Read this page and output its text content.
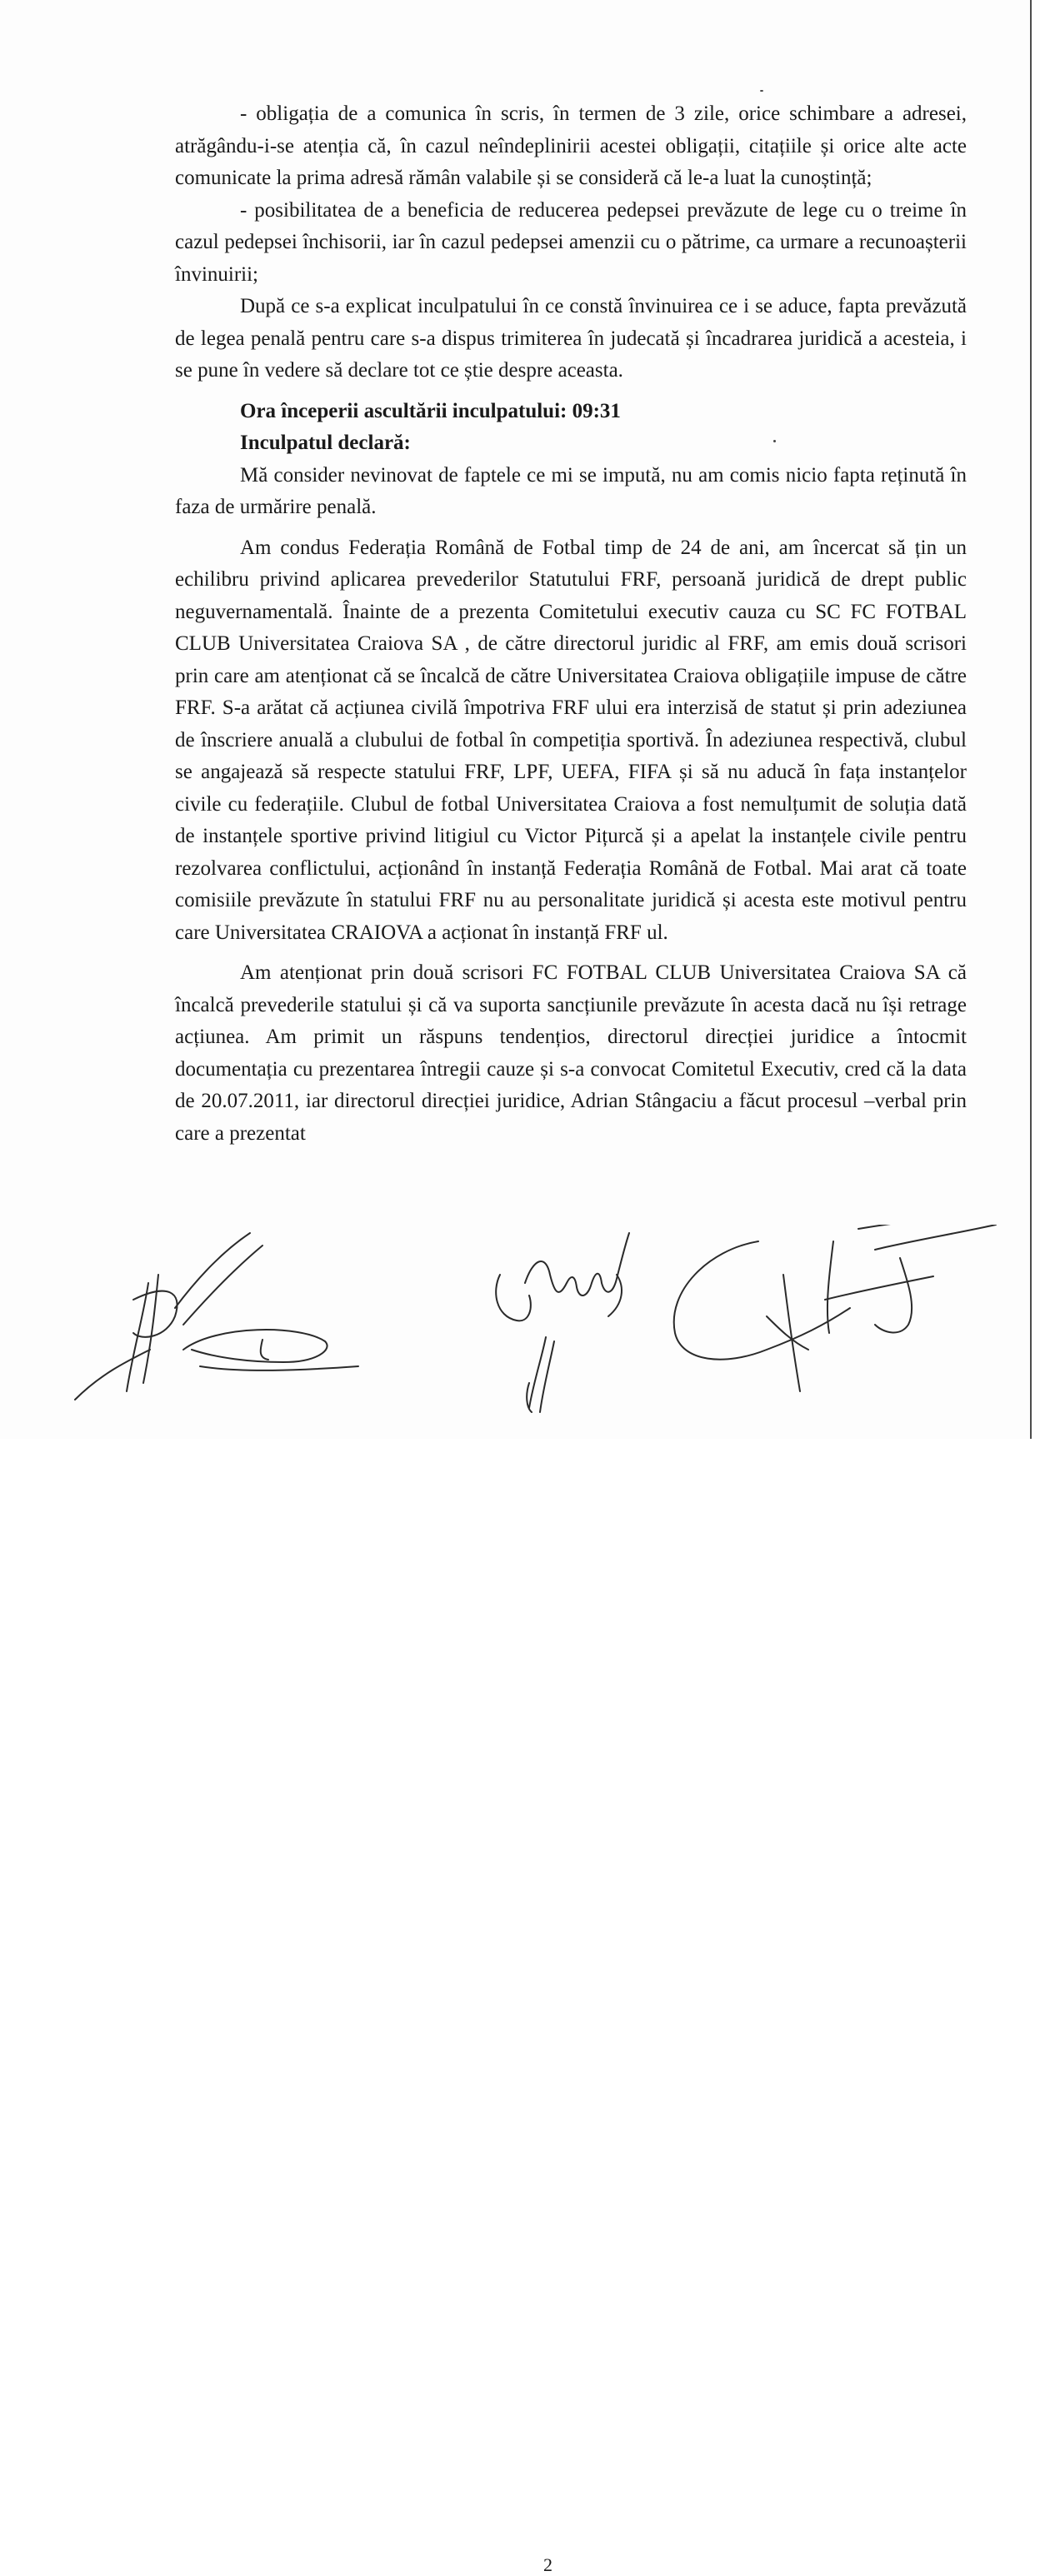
- obligația de a comunica în scris, în termen de 3 zile, orice schimbare a adresei, atrăgându-i-se atenția că, în cazul neîndeplinirii acestei obligații, citațiile și orice alte acte comunicate la prima adresă rămân valabile și se consideră că le-a luat la cunoștință;

- posibilitatea de a beneficia de reducerea pedepsei prevăzute de lege cu o treime în cazul pedepsei închisorii, iar în cazul pedepsei amenzii cu o pătrime, ca urmare a recunoașterii învinuirii;

După ce s-a explicat inculpatului în ce constă învinuirea ce i se aduce, fapta prevăzută de legea penală pentru care s-a dispus trimiterea în judecată și încadrarea juridică a acesteia, i se pune în vedere să declare tot ce știe despre aceasta.

Ora începerii ascultării inculpatului: 09:31

Inculpatul declară:

Mă consider nevinovat de faptele ce mi se impută, nu am comis nicio fapta reținută în faza de urmărire penală.

Am condus Federația Română de Fotbal timp de 24 de ani, am încercat să țin un echilibru privind aplicarea prevederilor Statutului FRF, persoană juridică de drept public neguvernamentală. Înainte de a prezenta Comitetului executiv cauza cu SC FC FOTBAL CLUB Universitatea Craiova SA , de către directorul juridic al FRF, am emis două scrisori prin care am atenționat că se încalcă de către Universitatea Craiova obligațiile impuse de către FRF. S-a arătat că acțiunea civilă împotriva FRF ului era interzisă de statut și prin adeziunea de înscriere anuală a clubului de fotbal în competiția sportivă. În adeziunea respectivă, clubul se angajează să respecte statului FRF, LPF, UEFA, FIFA și să nu aducă în fața instanțelor civile cu federațiile. Clubul de fotbal Universitatea Craiova a fost nemulțumit de soluția dată de instanțele sportive privind litigiul cu Victor Pițurcă și a apelat la instanțele civile pentru rezolvarea conflictului, acționând în instanță Federația Română de Fotbal. Mai arat că toate comisiile prevăzute în statului FRF nu au personalitate juridică și acesta este motivul pentru care Universitatea CRAIOVA a acționat în instanță FRF ul.

Am atenționat prin două scrisori FC FOTBAL CLUB Universitatea Craiova SA că încalcă prevederile statului și că va suporta sancțiunile prevăzute în acesta dacă nu își retrage acțiunea. Am primit un răspuns tendențios, directorul direcției juridice a întocmit documentația cu prezentarea întregii cauze și s-a convocat Comitetul Executiv, cred că la data de 20.07.2011, iar directorul direcției juridice, Adrian Stângaciu a făcut procesul –verbal prin care a prezentat

2
